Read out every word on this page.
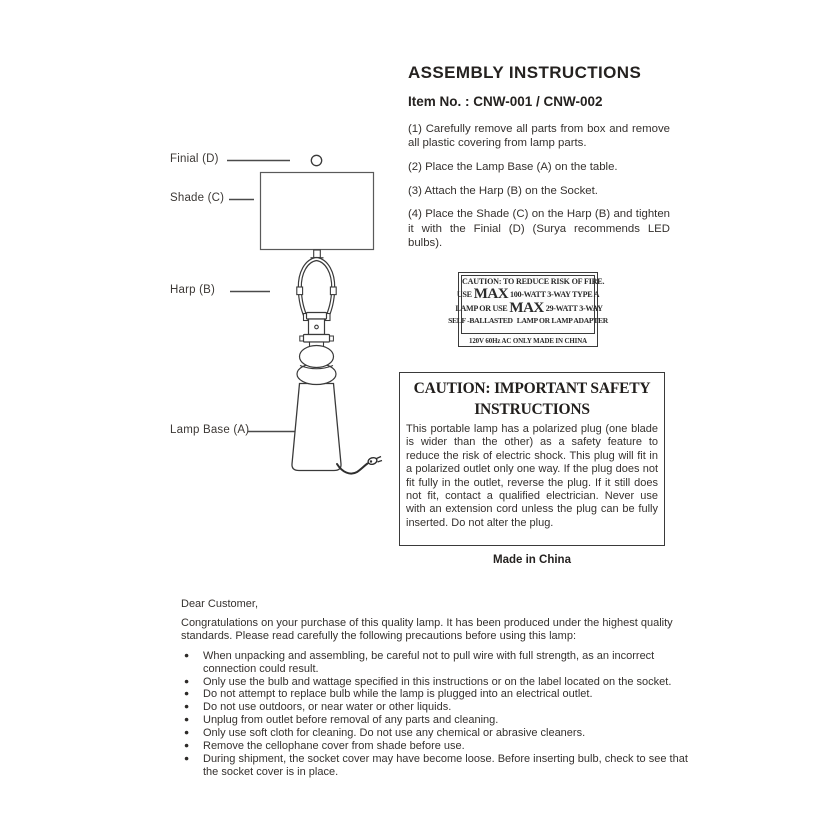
Finial (D)
Shade (C)
Harp (B)
Lamp Base (A)
ASSEMBLY INSTRUCTIONS
Item No. : CNW-001 / CNW-002

(1) Carefully remove all parts from box and remove all plastic covering from lamp parts.

(2) Place the Lamp Base (A) on the table.

(3) Attach the Harp (B) on the Socket.

(4) Place the Shade (C) on the Harp (B) and tighten it with the Finial (D) (Surya recommends LED bulbs).

CAUTION: TO REDUCE RISK OF FIRE.
USE MAX 100-WATT 3-WAY TYPE A
LAMP OR USE MAX 29-WATT 3-WAY
SELF -BALLASTED LAMP OR LAMP ADAPTER
120V 60Hz AC ONLY MADE IN CHINA
CAUTION: IMPORTANT SAFETY
INSTRUCTIONS
This portable lamp has a polarized plug (one blade is wider than the other) as a safety feature to reduce the risk of electric shock. This plug will fit in a polarized outlet only one way. If the plug does not fit fully in the outlet, reverse the plug. If it still does not fit, contact a qualified electrician. Never use with an extension cord unless the plug can be fully inserted. Do not alter the plug.
Made in China
Dear Customer,
Congratulations on your purchase of this quality lamp. It has been produced under the highest quality standards. Please read carefully the following precautions before using this lamp:
● When unpacking and assembling, be careful not to pull wire with full strength, as an incorrect connection could result.
● Only use the bulb and wattage specified in this instructions or on the label located on the socket.
● Do not attempt to replace bulb while the lamp is plugged into an electrical outlet.
● Do not use outdoors, or near water or other liquids.
● Unplug from outlet before removal of any parts and cleaning.
● Only use soft cloth for cleaning. Do not use any chemical or abrasive cleaners.
● Remove the cellophane cover from shade before use.
● During shipment, the socket cover may have become loose. Before inserting bulb, check to see that the socket cover is in place.
